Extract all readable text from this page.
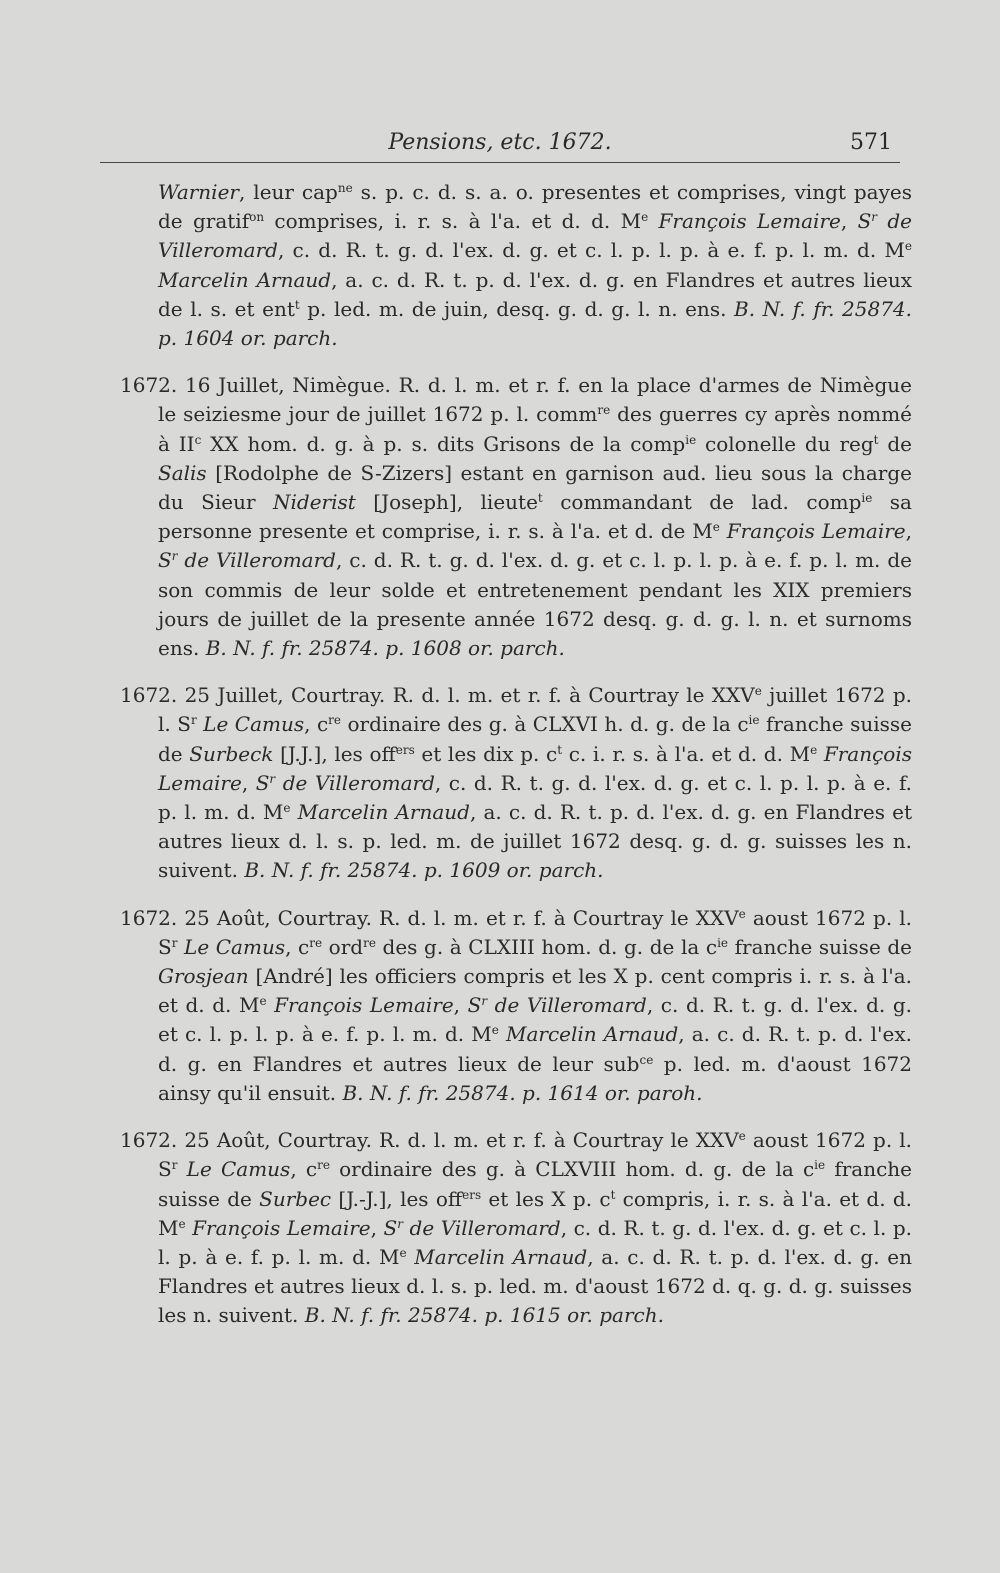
Pensions, etc. 1672.	571

Warnier, leur cap$^{ne}$ s. p. c. d. s. a. o. presentes et comprises, vingt payes de gratif$^{on}$ comprises, i. r. s. à l'a. et d. d. Me François Lemaire, $S^r$ de Villeromard, c. d. R. t. g. d. l'ex. d. g. et c. l. p. l. p. à e. f. p. l. m. d. Me Marcelin Arnaud, a. c. d. R. t. p. d. l'ex. d. g. en Flandres et autres lieux de l. s. et ent$^t$ p. led. m. de juin, desq. g. d. g. l. n. ens. B. N. f. fr. 25874. p. 1604 or. parch.

1672. 16 Juillet, Nimègue. R. d. l. m. et r. f. en la place d'armes de Nimègue le seiziesme jour de juillet 1672 p. l. comm$^{re}$ des guerres cy après nommé à $II^c$ XX hom. d. g. à p. s. dits Grisons de la comp$^{ie}$ colonelle du reg$^t$ de Salis [Rodolphe de S-Zizers] estant en garnison aud. lieu sous la charge du Sieur Niderist [Joseph], lieute$^t$ commandant de lad. comp$^{ie}$ sa personne presente et comprise, i. r. s. à l'a. et d. de Me François Lemaire, $S^r$ de Villeromard, c. d. R. t. g. d. l'ex. d. g. et c. l. p. l. p. à e. f. p. l. m. de son commis de leur solde et entretenement pendant les XIX premiers jours de juillet de la presente année 1672 desq. g. d. g. l. n. et surnoms ens. B. N. f. fr. 25874. p. 1608 or. parch.

1672. 25 Juillet, Courtray. R. d. l. m. et r. f. à Courtray le XXVe juillet 1672 p. l. $S^r$ Le Camus, $c^{re}$ ordinaire des g. à CLXVI h. d. g. de la $c^{ie}$ franche suisse de Surbeck [J.J.], les off$^{ers}$ et les dix p. $c^t$ c. i. r. s. à l'a. et d. d. Me François Lemaire, $S^r$ de Villeromard, c. d. R. t. g. d. l'ex. d. g. et c. l. p. l. p. à e. f. p. l. m. d. Me Marcelin Arnaud, a. c. d. R. t. p. d. l'ex. d. g. en Flandres et autres lieux d. l. s. p. led. m. de juillet 1672 desq. g. d. g. suisses les n. suivent. B. N. f. fr. 25874. p. 1609 or. parch.

1672. 25 Août, Courtray. R. d. l. m. et r. f. à Courtray le XXVe aoust 1672 p. l. $S^r$ Le Camus, $c^{re}$ ord$^{re}$ des g. à CLXIII hom. d. g. de la $c^{ie}$ franche suisse de Grosjean [André] les officiers compris et les X p. cent compris i. r. s. à l'a. et d. d. Me François Lemaire, $S^r$ de Villeromard, c. d. R. t. g. d. l'ex. d. g. et c. l. p. l. p. à e. f. p. l. m. d. Me Marcelin Arnaud, a. c. d. R. t. p. d. l'ex. d. g. en Flandres et autres lieux de leur sub$^{ce}$ p. led. m. d'aoust 1672 ainsy qu'il ensuit. B. N. f. fr. 25874. p. 1614 or. paroh.

1672. 25 Août, Courtray. R. d. l. m. et r. f. à Courtray le XXVe aoust 1672 p. l. $S^r$ Le Camus, $c^{re}$ ordinaire des g. à CLXVIII hom. d. g. de la $c^{ie}$ franche suisse de Surbec [J.-J.], les off$^{ers}$ et les X p. $c^t$ compris, i. r. s. à l'a. et d. d. Me François Lemaire, $S^r$ de Villeromard, c. d. R. t. g. d. l'ex. d. g. et c. l. p. l. p. à e. f. p. l. m. d. Me Marcelin Arnaud, a. c. d. R. t. p. d. l'ex. d. g. en Flandres et autres lieux d. l. s. p. led. m. d'aoust 1672 d. q. g. d. g. suisses les n. suivent. B. N. f. fr. 25874. p. 1615 or. parch.
